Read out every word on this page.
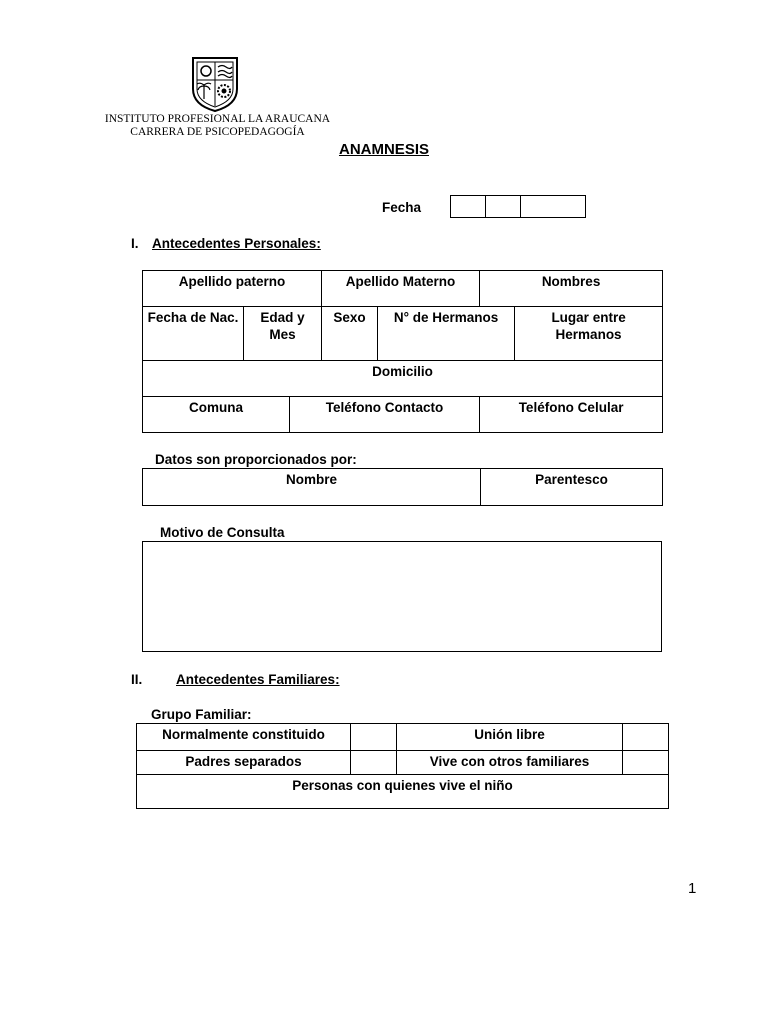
INSTITUTO PROFESIONAL LA ARAUCANA
CARRERA DE PSICOPEDAGOGÍA
ANAMNESIS
Fecha
I. Antecedentes Personales:
Apellido paterno			Apellido Materno		Nombres	
Fecha de Nac.	Edad y Mes		Sexo	N° de Hermanos		Lugar entre Hermanos
Domicilio						
Comuna		Teléfono Contacto			Teléfono Celular	
Datos son proporcionados por:
Nombre	Parentesco
Motivo de Consulta
II. Antecedentes Familiares:
Grupo Familiar:
Normalmente constituido		Unión libre	
Padres separados		Vive con otros familiares	
Personas con quienes vive el niño			
1
